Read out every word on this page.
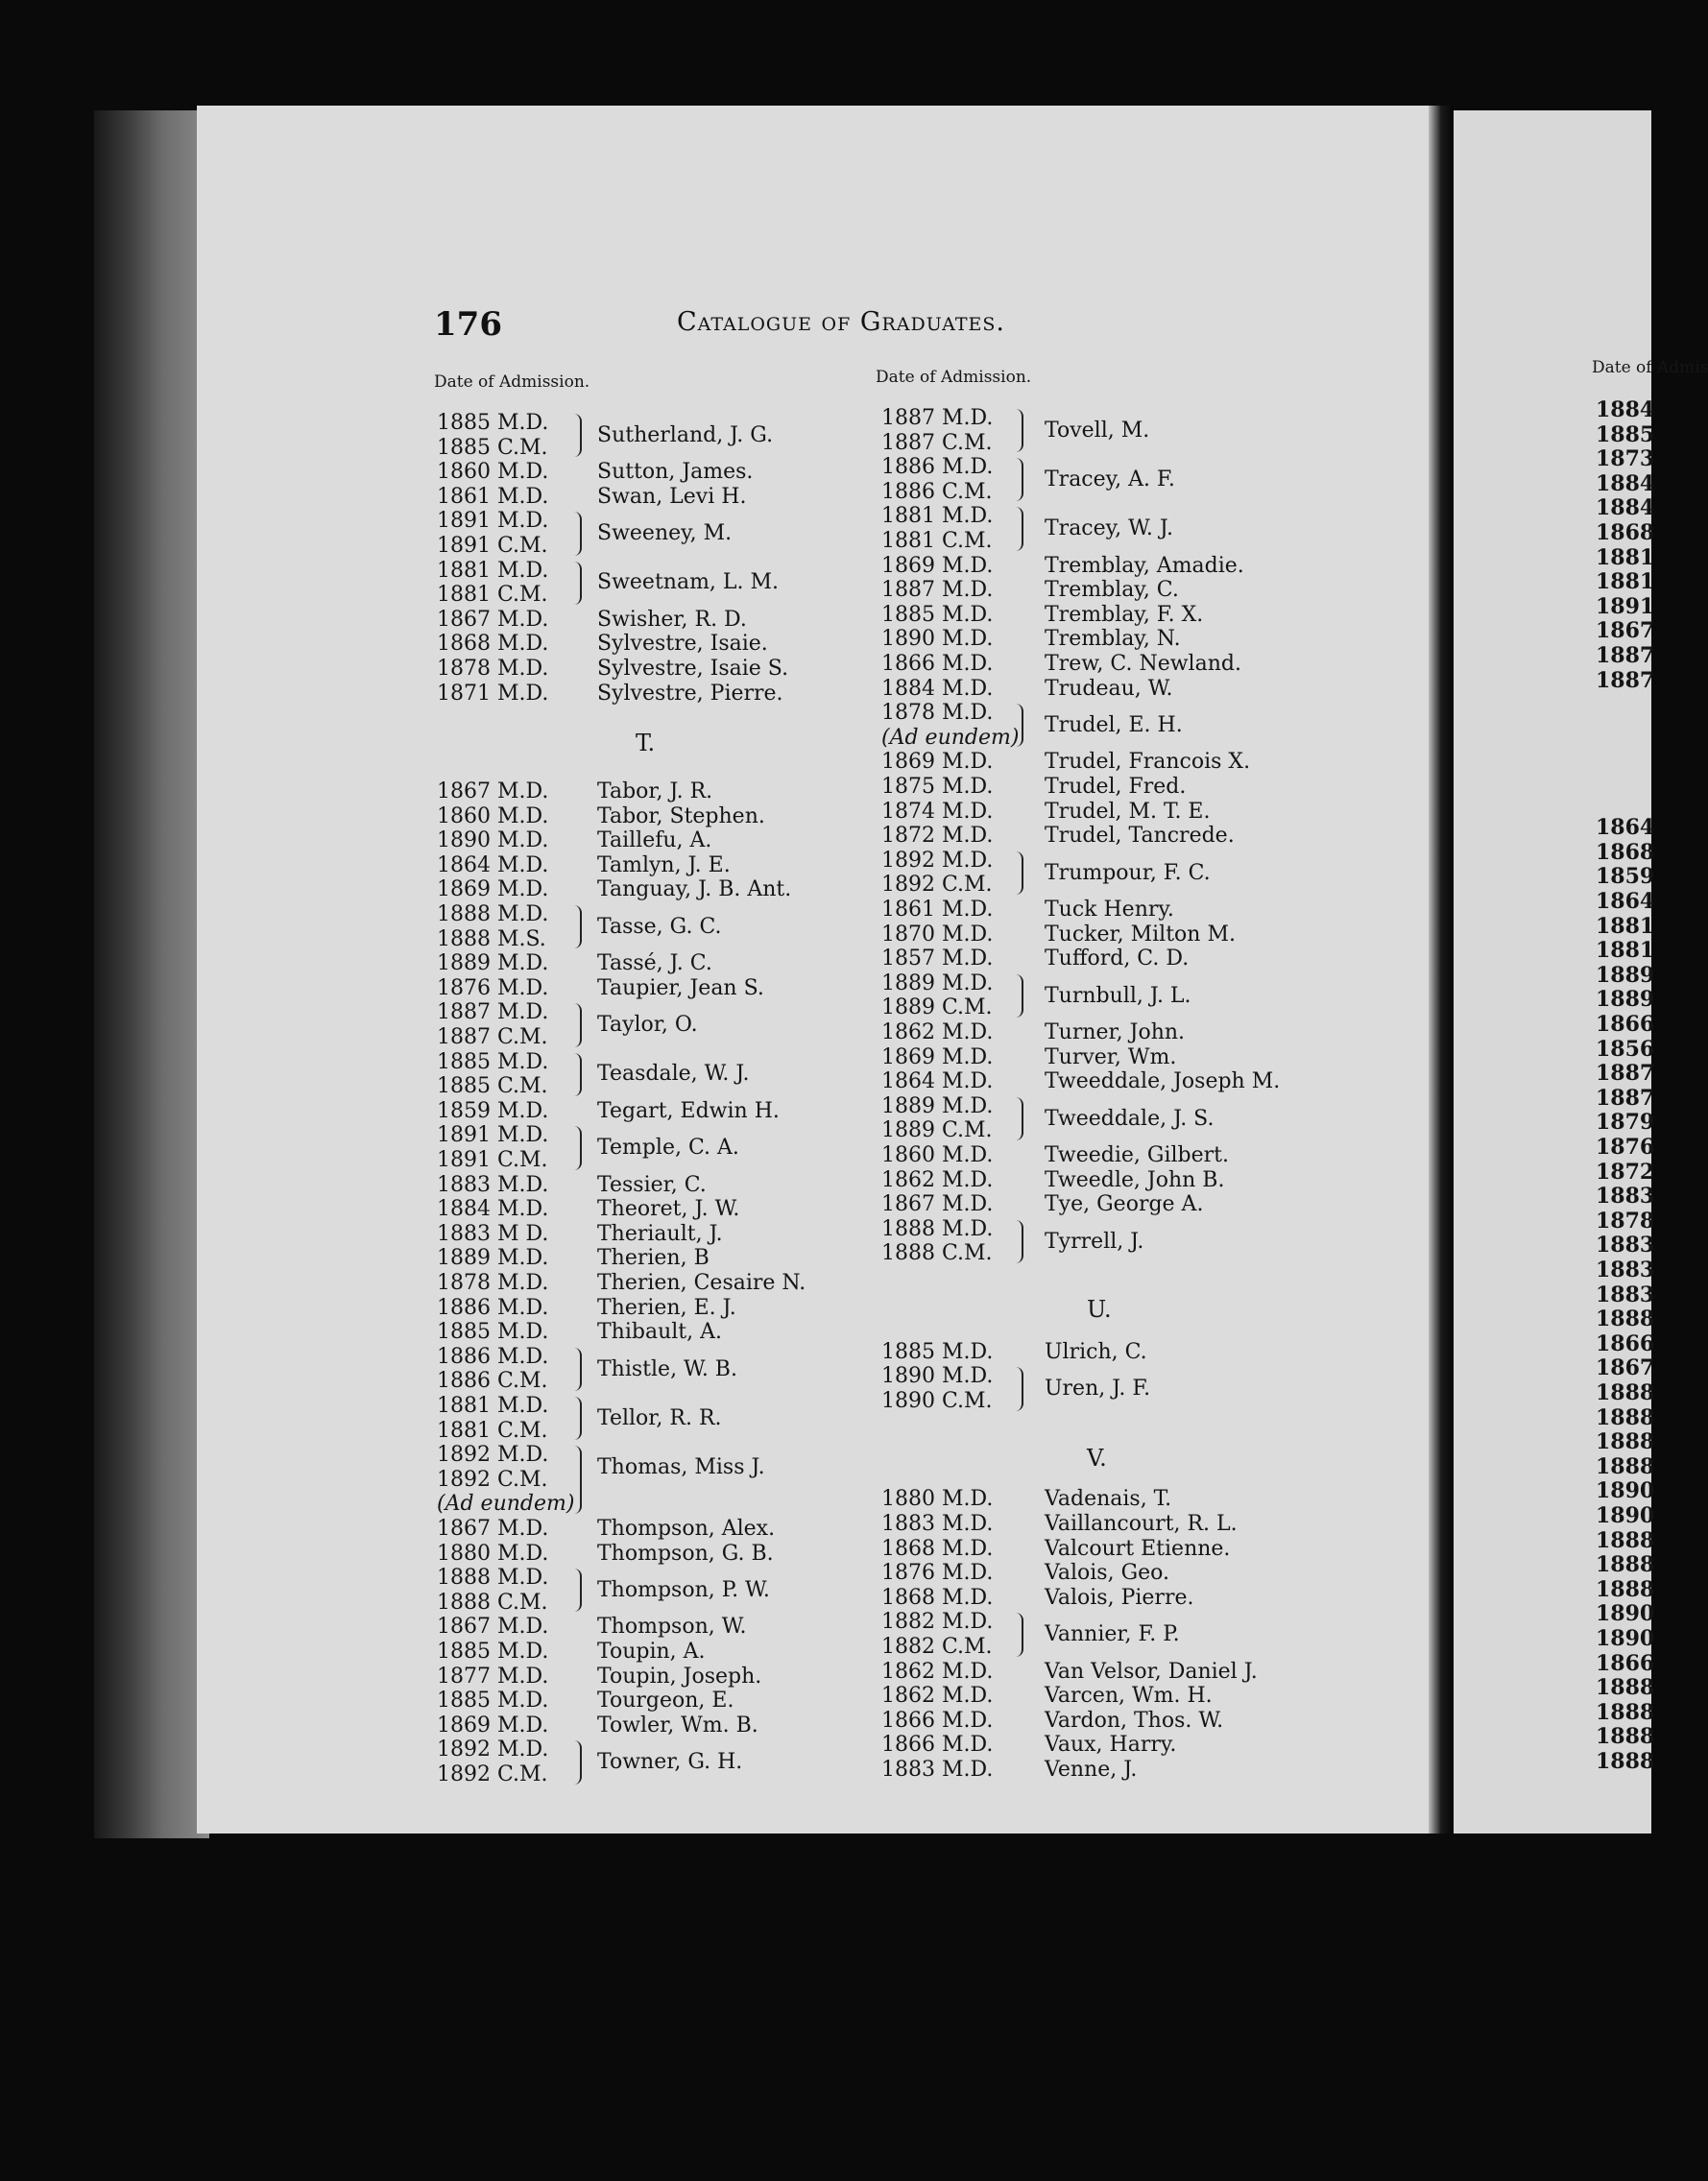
Date of Admis
1884
1885
1873
1884
1884
1868
1881
1881
1891
1867
1887
1887
1864
1868
1859
1864
1881
1881
1889
1889
1866
1856
1887
1887
1879
1876
1872
1883
1878
1883
1883
1883
1888
1866
1867
1888
1888
1888
1888
1890
1890
1888
1888
1888
1890
1890
1866
1888
1888
1888
1888
176	Catalogue of Graduates.
Date of Admission.	Date of Admission.
T.
U.
V.
1885 M.D.
Sutherland, J. G.
1885 C.M.
1860 M.D. Sutton, James.
1861 M.D. Swan, Levi H.
1891 M.D.
Sweeney, M.
1891 C.M.
1881 M.D.
Sweetnam, L. M.
1881 C.M.
1867 M.D. Swisher, R. D.
1868 M.D. Sylvestre, Isaie.
1878 M.D. Sylvestre, Isaie S.
1871 M.D. Sylvestre, Pierre.
1867 M.D. Tabor, J. R.
1860 M.D. Tabor, Stephen.
1890 M.D. Taillefu, A.
1864 M.D. Tamlyn, J. E.
1869 M.D. Tanguay, J. B. Ant.
1888 M.D.
Tasse, G. C.
1888 M.S.
1889 M.D. Tassé, J. C.
1876 M.D. Taupier, Jean S.
1887 M.D.
Taylor, O.
1887 C.M.
1885 M.D.
Teasdale, W. J.
1885 C.M.
1859 M.D. Tegart, Edwin H.
1891 M.D.
Temple, C. A.
1891 C.M.
1883 M.D. Tessier, C.
1884 M.D. Theoret, J. W.
1883 M D. Theriault, J.
1889 M.D. Therien, B
1878 M.D. Therien, Cesaire N.
1886 M.D. Therien, E. J.
1885 M.D. Thibault, A.
1886 M.D.
Thistle, W. B.
1886 C.M.
1881 M.D.
Tellor, R. R.
1881 C.M.
1892 M.D.
Thomas, Miss J.
1892 C.M.
(Ad eundem)
1867 M.D. Thompson, Alex.
1880 M.D. Thompson, G. B.
1888 M.D.
Thompson, P. W.
1888 C.M.
1867 M.D. Thompson, W.
1885 M.D. Toupin, A.
1877 M.D. Toupin, Joseph.
1885 M.D. Tourgeon, E.
1869 M.D. Towler, Wm. B.
1892 M.D.
Towner, G. H.
1892 C.M.
1887 M.D.
Tovell, M.
1887 C.M.
1886 M.D.
Tracey, A. F.
1886 C.M.
1881 M.D.
Tracey, W. J.
1881 C.M.
1869 M.D. Tremblay, Amadie.
1887 M.D. Tremblay, C.
1885 M.D. Tremblay, F. X.
1890 M.D. Tremblay, N.
1866 M.D. Trew, C. Newland.
1884 M.D. Trudeau, W.
1878 M.D.
Trudel, E. H.
(Ad eundem)
1869 M.D. Trudel, Francois X.
1875 M.D. Trudel, Fred.
1874 M.D. Trudel, M. T. E.
1872 M.D. Trudel, Tancrede.
1892 M.D.
Trumpour, F. C.
1892 C.M.
1861 M.D. Tuck Henry.
1870 M.D. Tucker, Milton M.
1857 M.D. Tufford, C. D.
1889 M.D.
Turnbull, J. L.
1889 C.M.
1862 M.D. Turner, John.
1869 M.D. Turver, Wm.
1864 M.D. Tweeddale, Joseph M.
1889 M.D.
Tweeddale, J. S.
1889 C.M.
1860 M.D. Tweedie, Gilbert.
1862 M.D. Tweedle, John B.
1867 M.D. Tye, George A.
1888 M.D.
Tyrrell, J.
1888 C.M.
1885 M.D. Ulrich, C.
1890 M.D.
Uren, J. F.
1890 C.M.
1880 M.D. Vadenais, T.
1883 M.D. Vaillancourt, R. L.
1868 M.D. Valcourt Etienne.
1876 M.D. Valois, Geo.
1868 M.D. Valois, Pierre.
1882 M.D.
Vannier, F. P.
1882 C.M.
1862 M.D. Van Velsor, Daniel J.
1862 M.D. Varcen, Wm. H.
1866 M.D. Vardon, Thos. W.
1866 M.D. Vaux, Harry.
1883 M.D. Venne, J.
